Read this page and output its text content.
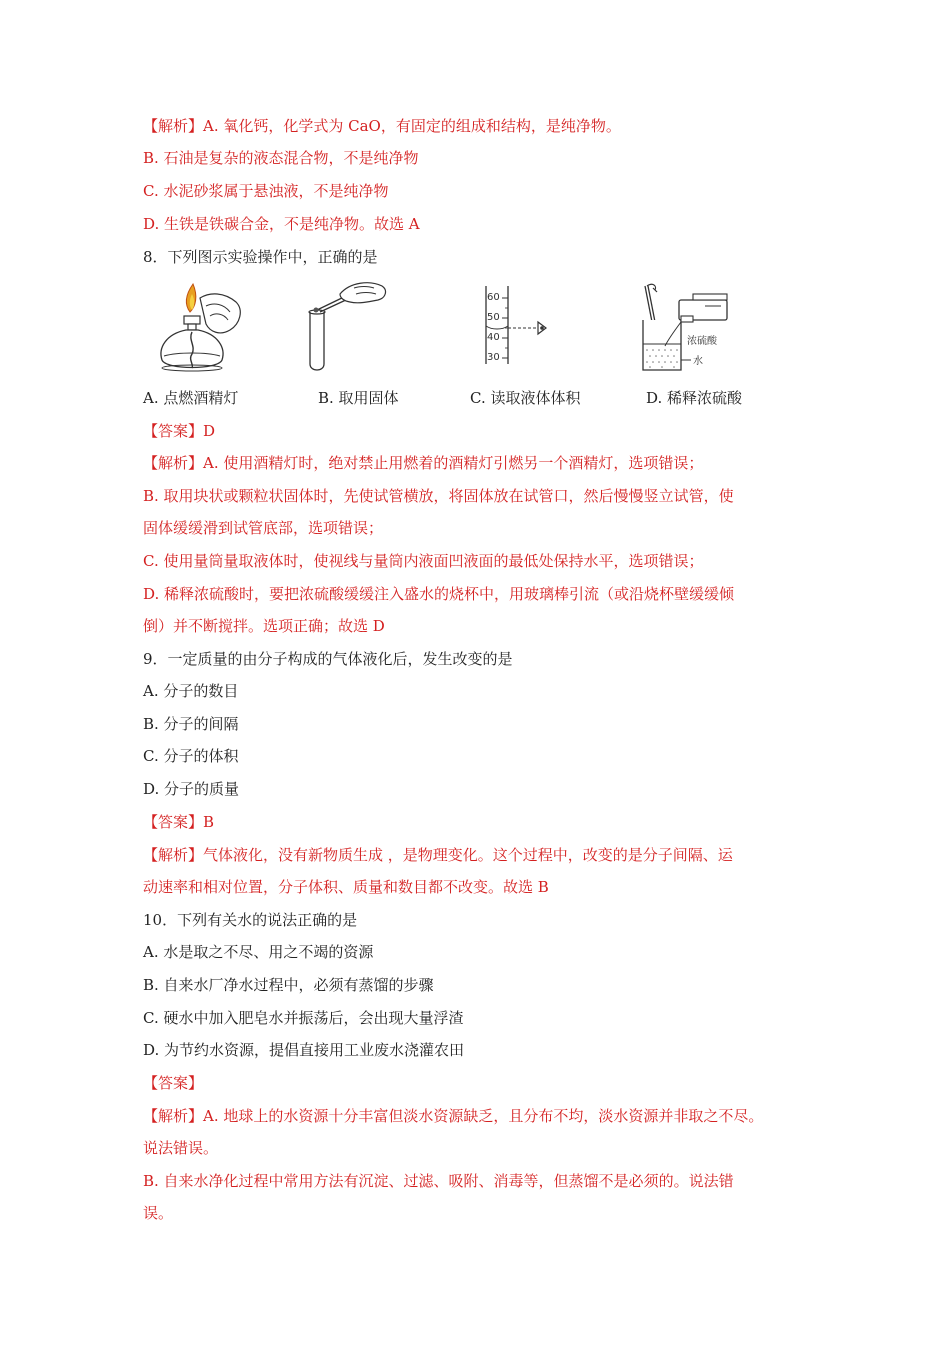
【解析】A. 氧化钙，化学式为 CaO，有固定的组成和结构，是纯净物。
B. 石油是复杂的液态混合物，不是纯净物
C. 水泥砂浆属于悬浊液，不是纯净物
D. 生铁是铁碳合金，不是纯净物。故选 A
8．下列图示实验操作中，正确的是
60
50
40
30
浓硫酸
水
A. 点燃酒精灯	B. 取用固体	C. 读取液体体积	D. 稀释浓硫酸
【答案】D
【解析】A. 使用酒精灯时，绝对禁止用燃着的酒精灯引燃另一个酒精灯，选项错误；
B. 取用块状或颗粒状固体时，先使试管横放，将固体放在试管口，然后慢慢竖立试管，使
固体缓缓滑到试管底部，选项错误；
C. 使用量筒量取液体时，使视线与量筒内液面凹液面的最低处保持水平，选项错误；
D. 稀释浓硫酸时，要把浓硫酸缓缓注入盛水的烧杯中，用玻璃棒引流（或沿烧杯壁缓缓倾
倒）并不断搅拌。选项正确；故选 D
9．一定质量的由分子构成的气体液化后，发生改变的是
A. 分子的数目
B. 分子的间隔
C. 分子的体积
D. 分子的质量
【答案】B
【解析】气体液化，没有新物质生成 ，是物理变化。这个过程中，改变的是分子间隔、运
动速率和相对位置，分子体积、质量和数目都不改变。故选 B
10．下列有关水的说法正确的是
A. 水是取之不尽、用之不竭的资源
B. 自来水厂净水过程中，必须有蒸馏的步骤
C. 硬水中加入肥皂水并振荡后，会出现大量浮渣
D. 为节约水资源，提倡直接用工业废水浇灌农田
【答案】
【解析】A. 地球上的水资源十分丰富但淡水资源缺乏，且分布不均，淡水资源并非取之不尽。
说法错误。
B. 自来水净化过程中常用方法有沉淀、过滤、吸附、消毒等，但蒸馏不是必须的。说法错
误。
